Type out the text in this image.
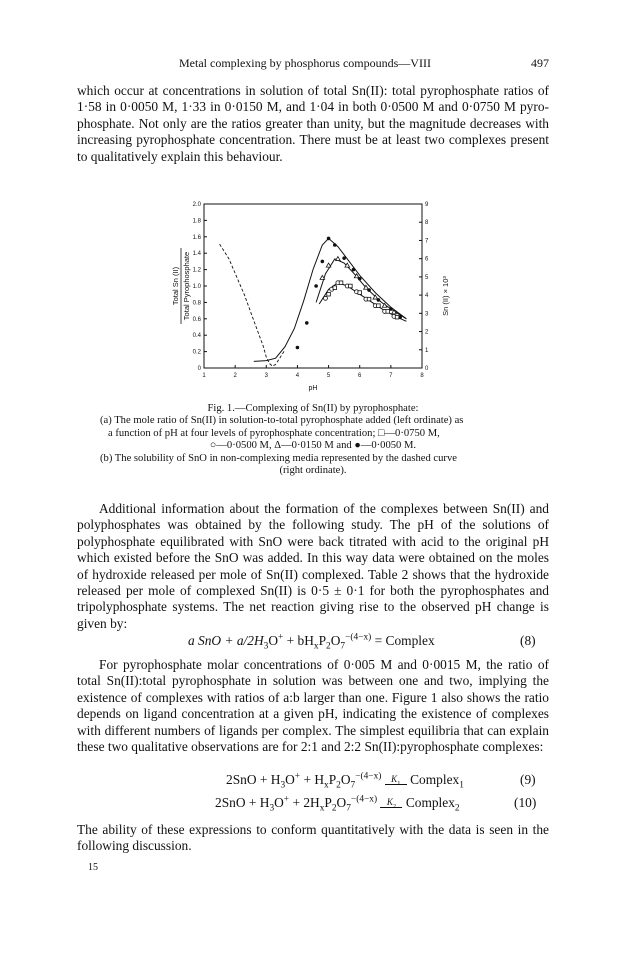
Metal complexing by phosphorus compounds—VIII	497

which occur at concentrations in solution of total Sn(II): total pyrophosphate ratios of 1·58 in 0·0050 M, 1·33 in 0·0150 M, and 1·04 in both 0·0500 M and 0·0750 M pyro-phosphate. Not only are the ratios greater than unity, but the magnitude decreases with increasing pyrophosphate concentration. There must be at least two complexes present to qualitatively explain this behaviour.

1	2	3	4	5	6	7	8
0
0.2
0.4
0.6
0.8
1.0
1.2
1.4
1.6
1.8
2.0
0
1
2
3
4
5
6
7
8
9
pH
Total Sn (II) Total Pyrophosphate	Sn (II) × 10³
Fig. 1.—Complexing of Sn(II) by pyrophosphate:
(a) The mole ratio of Sn(II) in solution-to-total pyrophosphate added (left ordinate) as
a function of pH at four levels of pyrophosphate concentration; □—0·0750 M,
○—0·0500 M, Δ—0·0150 M and ●—0·0050 M.
(b) The solubility of SnO in non-complexing media represented by the dashed curve
(right ordinate).

Additional information about the formation of the complexes between Sn(II) and polyphosphates was obtained by the following study. The pH of the solutions of polyphosphate equilibrated with SnO were back titrated with acid to the original pH which existed before the SnO was added. In this way data were obtained on the moles of hydroxide released per mole of Sn(II) complexed. Table 2 shows that the hydroxide released per mole of complexed Sn(II) is 0·5 ± 0·1 for both the pyrophosphates and tripolyphosphate systems. The net reaction giving rise to the observed pH change is given by:

a SnO + $a/2H_3O^+ + bH_xP_2O_7^{-(4-x)}$ = Complex	(8)

For pyrophosphate molar concentrations of 0·005 M and 0·0015 M, the ratio of total Sn(II):total pyrophosphate in solution was between one and two, implying the existence of complexes with ratios of a:b larger than one. Figure 1 also shows the ratio depends on ligand concentration at a given pH, indicating the existence of complexes with different numbers of ligands per complex. The simplest equilibria that can explain these two qualitative observations are for 2:1 and 2:2 Sn(II):pyrophosphate complexes:

$2SnO + H_3O^+ + H_xP_2O_7^{-(4-x)}$ $K_1$ Complex$_1$	(9)
$2SnO + H_3O^+ + 2H_xP_2O_7^{-(4-x)}$ $K_2$ Complex$_2$	(10)

The ability of these expressions to conform quantitatively with the data is seen in the following discussion.

15
